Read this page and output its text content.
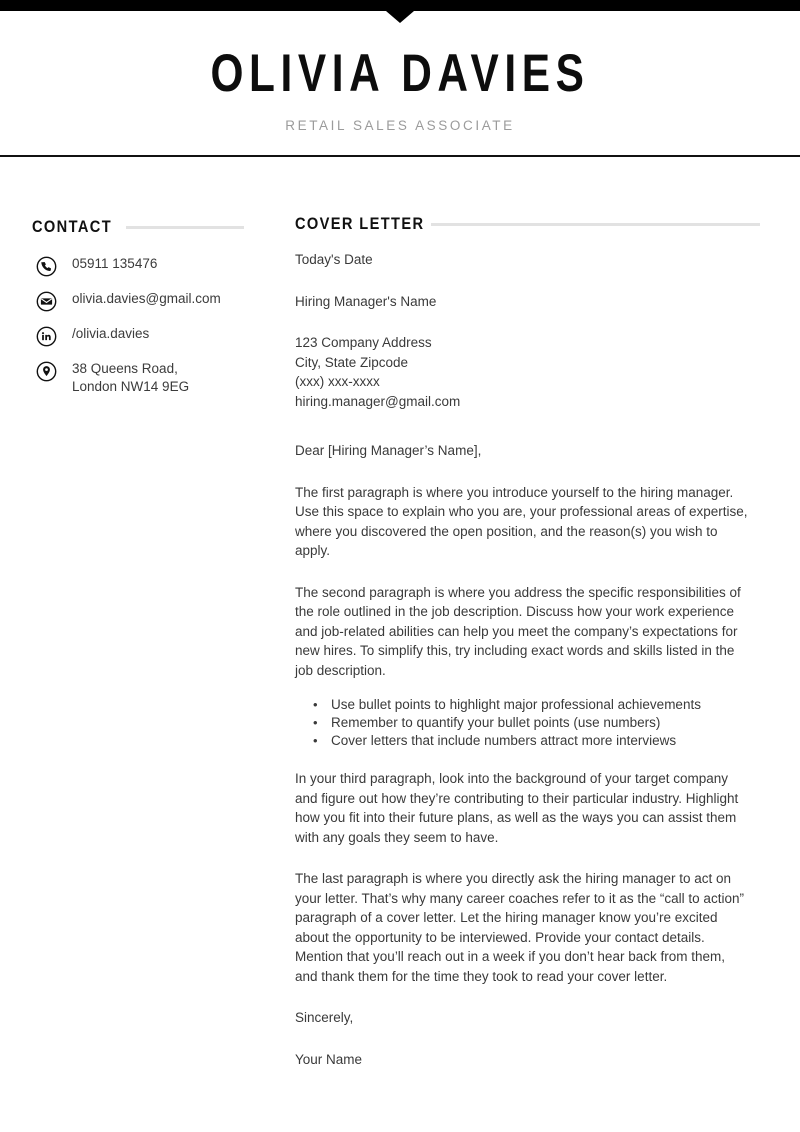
OLIVIA DAVIES
RETAIL SALES ASSOCIATE
CONTACT
05911 135476
olivia.davies@gmail.com
/olivia.davies
38 Queens Road,
London NW14 9EG
COVER LETTER

Today's Date

Hiring Manager's Name

123 Company Address
City, State Zipcode
(xxx) xxx-xxxx
hiring.manager@gmail.com

Dear [Hiring Manager’s Name],

The first paragraph is where you introduce yourself to the hiring manager. Use this space to explain who you are, your professional areas of expertise, where you discovered the open position, and the reason(s) you wish to apply.

The second paragraph is where you address the specific responsibilities of the role outlined in the job description. Discuss how your work experience and job-related abilities can help you meet the company’s expectations for new hires. To simplify this, try including exact words and skills listed in the job description.

• Use bullet points to highlight major professional achievements
• Remember to quantify your bullet points (use numbers)
• Cover letters that include numbers attract more interviews

In your third paragraph, look into the background of your target company and figure out how they’re contributing to their particular industry. Highlight how you fit into their future plans, as well as the ways you can assist them with any goals they seem to have.

The last paragraph is where you directly ask the hiring manager to act on your letter. That’s why many career coaches refer to it as the “call to action” paragraph of a cover letter. Let the hiring manager know you’re excited about the opportunity to be interviewed. Provide your contact details. Mention that you’ll reach out in a week if you don’t hear back from them, and thank them for the time they took to read your cover letter.

Sincerely,

Your Name
